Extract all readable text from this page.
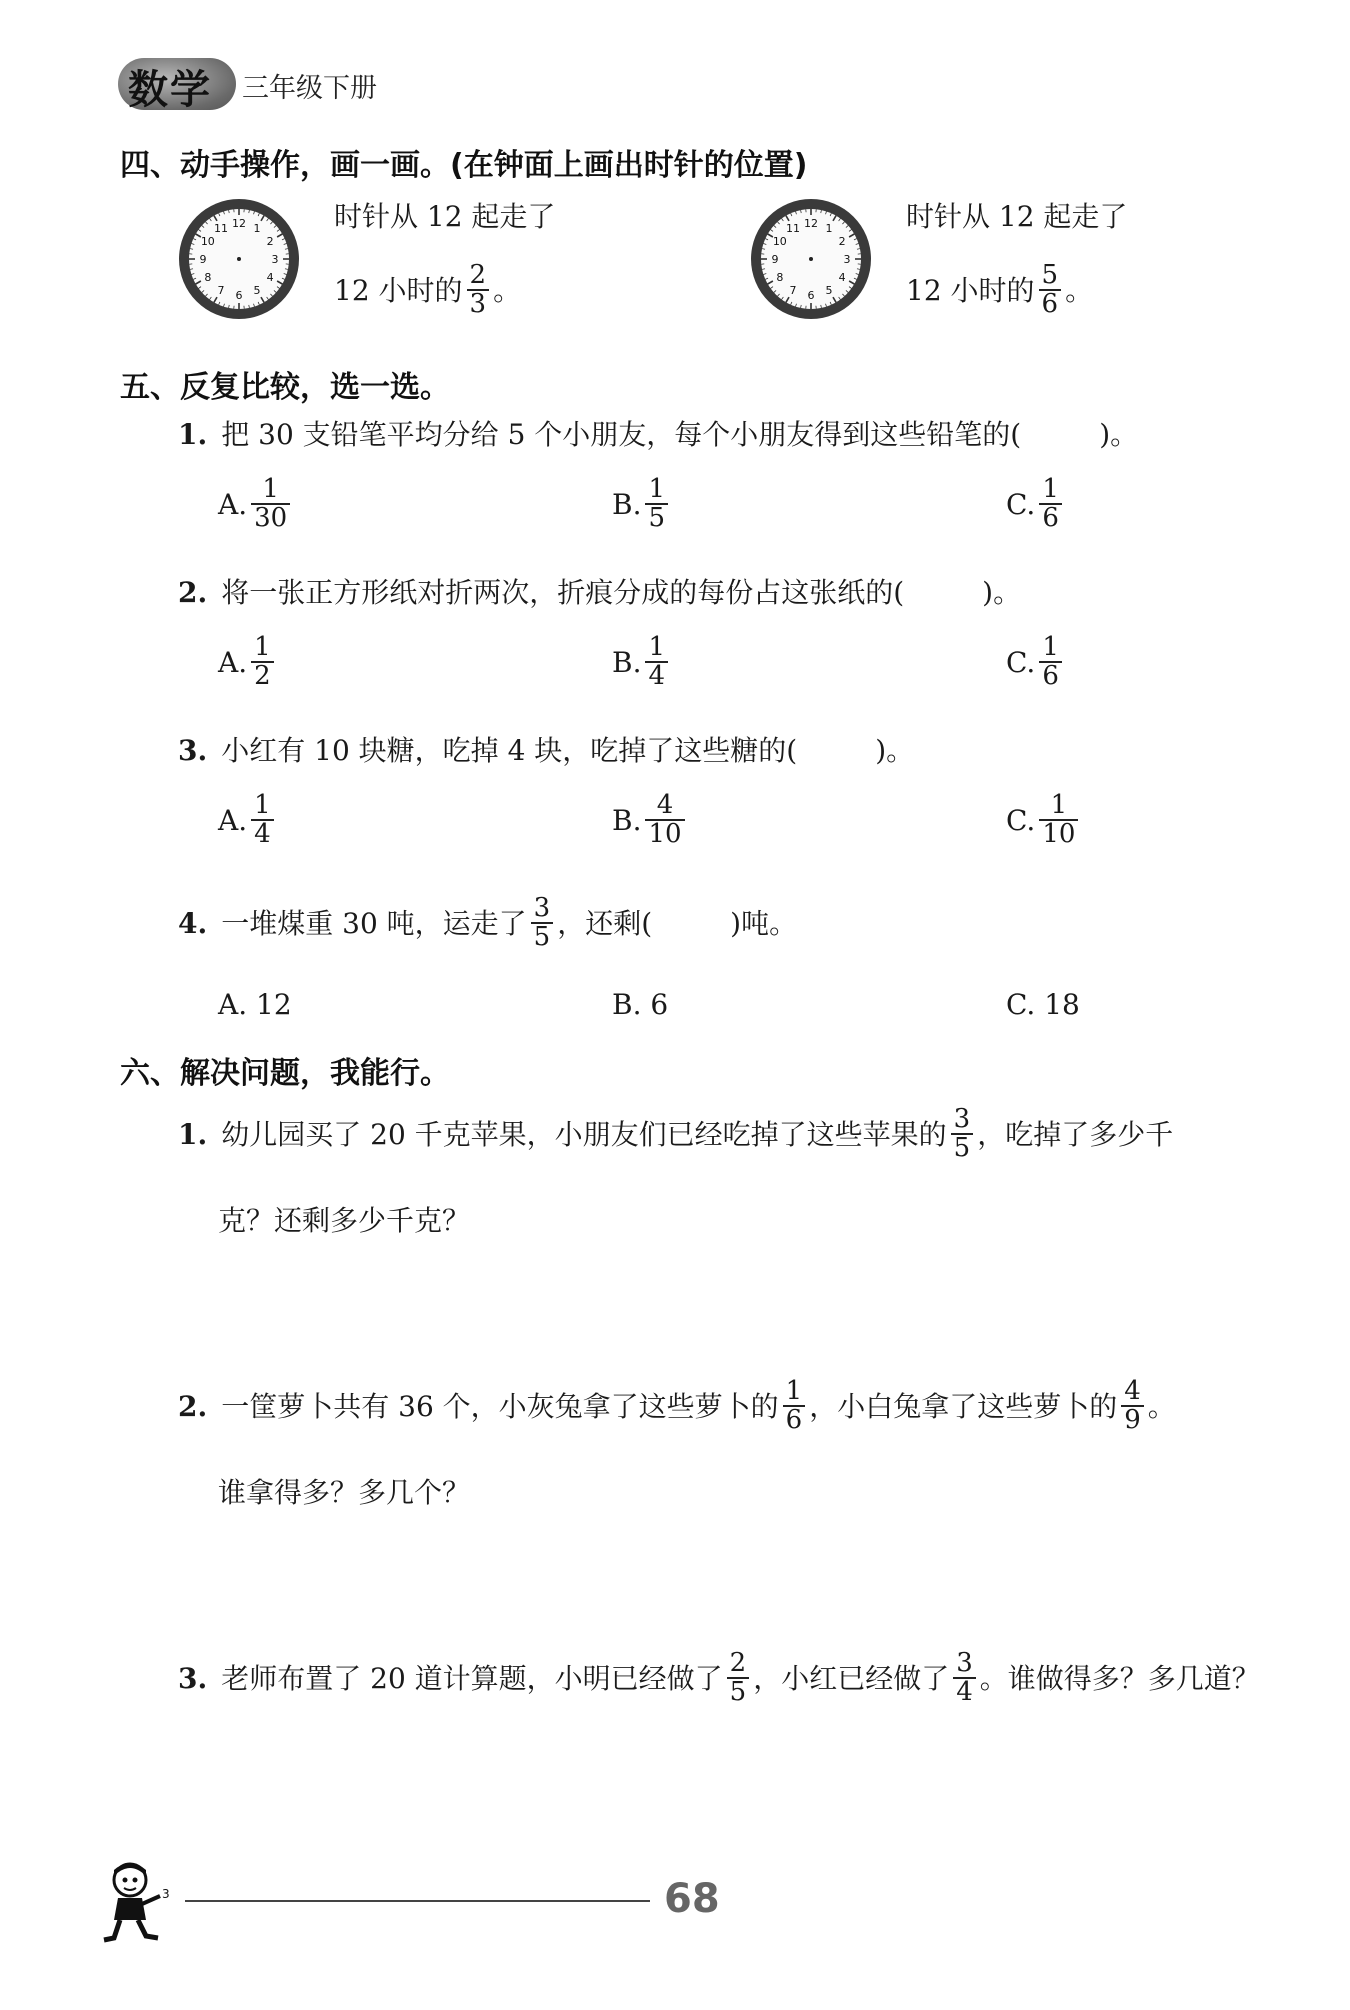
数学 三年级下册
四、动手操作，画一画。(在钟面上画出时针的位置)
12 1
2
3
4
5
6
7
8
9
10
11	时针从 12 起走了
12 小时的 $\frac{2}{3}$ 。
12 1
2
3
4
5
6
7
8
9
10
11	时针从 12 起走了
12 小时的 $\frac{5}{6}$ 。
五、反复比较，选一选。
1. 把 30 支铅笔平均分给 5 个小朋友，每个小朋友得到这些铅笔的(	)。
A. $\frac{1}{30}$	B. $\frac{1}{5}$	C. $\frac{1}{6}$
2. 将一张正方形纸对折两次，折痕分成的每份占这张纸的(	)。
A. $\frac{1}{2}$	B. $\frac{1}{4}$	C. $\frac{1}{6}$
3. 小红有 10 块糖，吃掉 4 块，吃掉了这些糖的(	)。
A. $\frac{1}{4}$	B. $\frac{4}{10}$	C. $\frac{1}{10}$
4. 一堆煤重 30 吨，运走了 $\frac{3}{5}$ ，还剩(	)吨。
A. 12	B. 6	C. 18
六、解决问题，我能行。
1. 幼儿园买了 20 千克苹果，小朋友们已经吃掉了这些苹果的 $\frac{3}{5}$ ，吃掉了多少千
克？还剩多少千克？
2. 一筐萝卜共有 36 个，小灰兔拿了这些萝卜的 $\frac{1}{6}$ ，小白兔拿了这些萝卜的 $\frac{4}{9}$ 。
谁拿得多？多几个？
3. 老师布置了 20 道计算题，小明已经做了 $\frac{2}{5}$ ，小红已经做了 $\frac{3}{4}$ 。谁做得多？多几道？
3	68
